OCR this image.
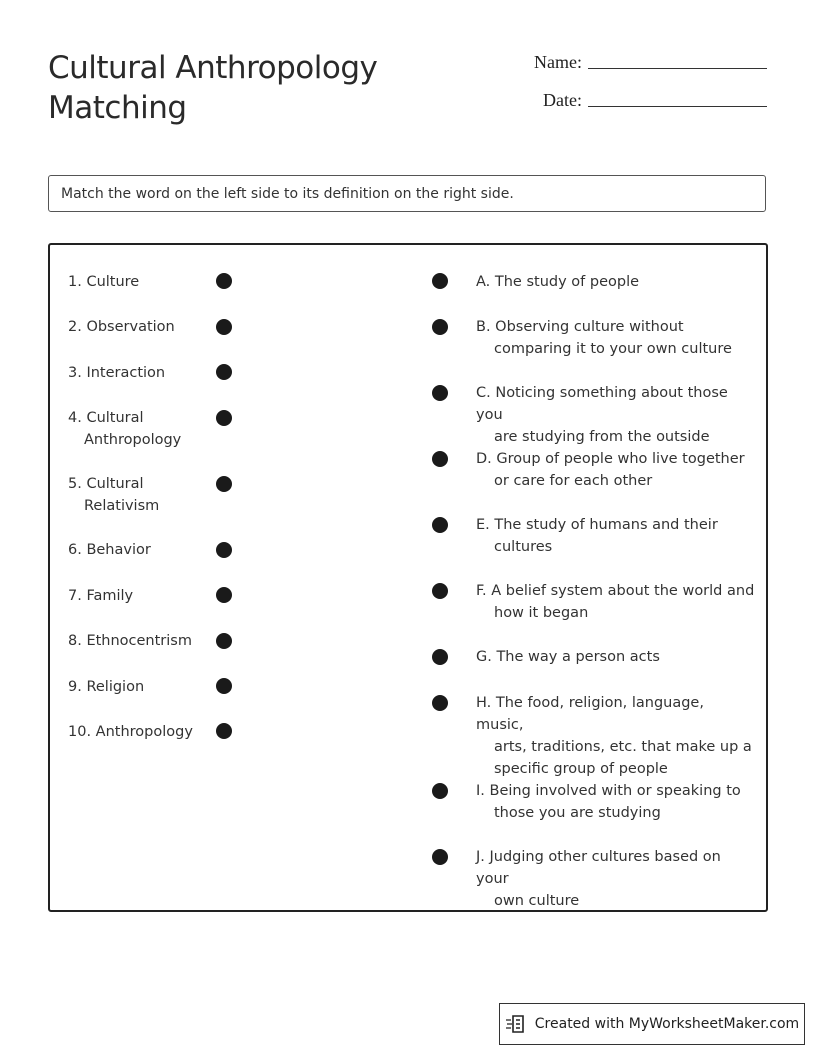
Cultural Anthropology
Matching
Name:
Date:
Match the word on the left side to its definition on the right side.
1. Culture
2. Observation
3. Interaction
4. Cultural

Anthropology
5. Cultural

Relativism
6. Behavior
7. Family
8. Ethnocentrism
9. Religion
10. Anthropology
A. The study of people
B. Observing culture without
comparing it to your own culture
C. Noticing something about those you
are studying from the outside
D. Group of people who live together
or care for each other
E. The study of humans and their
cultures
F. A belief system about the world and
how it began
G. The way a person acts
H. The food, religion, language, music,
arts, traditions, etc. that make up a specific group of people
I. Being involved with or speaking to
those you are studying
J. Judging other cultures based on your
own culture
Created with MyWorksheetMaker.com
